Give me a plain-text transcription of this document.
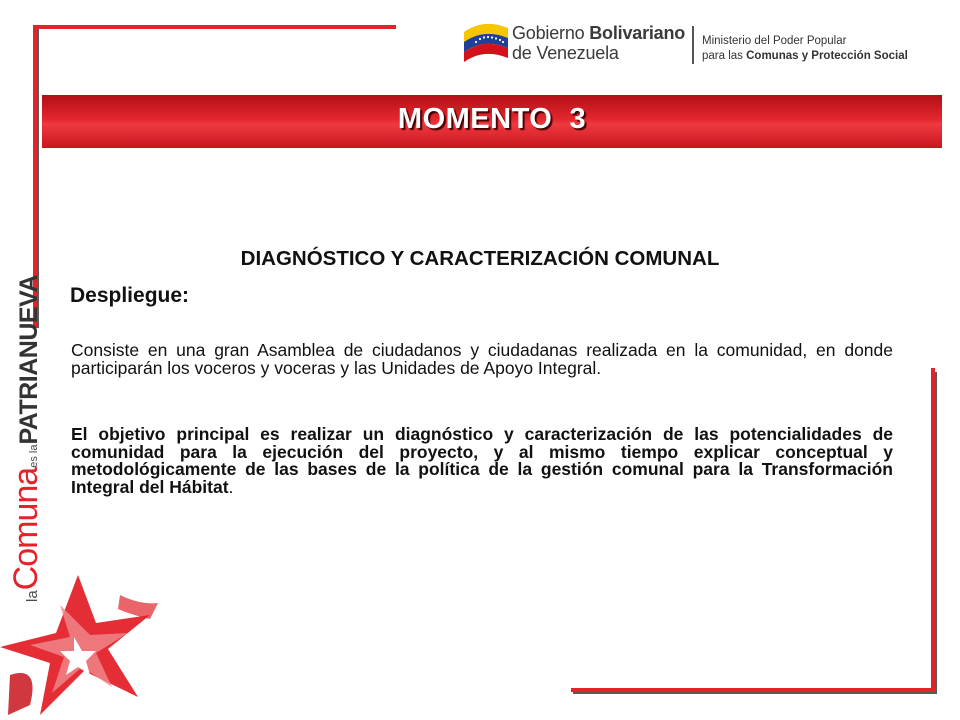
Gobierno Bolivariano
de Venezuela
Ministerio del Poder Popular
para las Comunas y Protección Social
MOMENTO  3
DIAGNÓSTICO Y CARACTERIZACIÓN COMUNAL
Despliegue:
Consiste en una gran Asamblea de ciudadanos y ciudadanas realizada en la comunidad, en donde participarán los voceros y voceras y las Unidades de Apoyo Integral.
El objetivo principal es realizar un diagnóstico y caracterización de las potencialidades de comunidad para la ejecución del proyecto, y al mismo tiempo explicar conceptual y metodológicamente de las bases de la política de la gestión comunal para la Transformación Integral del Hábitat.
laComunaes laPATRIANUEVA
